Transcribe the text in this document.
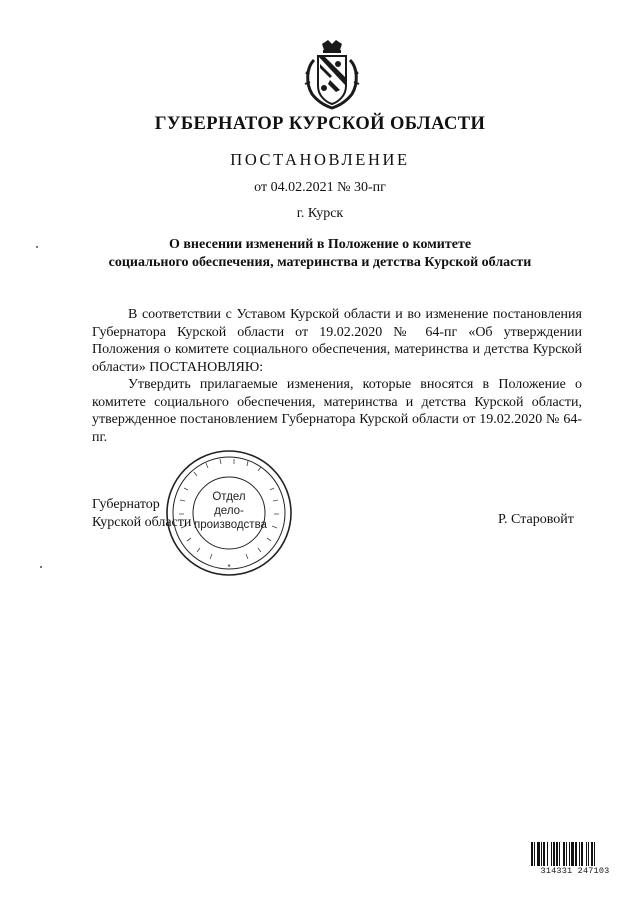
ГУБЕРНАТОР КУРСКОЙ ОБЛАСТИ
ПОСТАНОВЛЕНИЕ
от 04.02.2021 № 30-пг
г. Курск
О внесении изменений в Положение о комитете
социального обеспечения, материнства и детства Курской области

В соответствии с Уставом Курской области и во изменение постановления Губернатора Курской области от 19.02.2020 № 64-пг «Об утверждении Положения о комитете социального обеспечения, материнства и детства Курской области» ПОСТАНОВЛЯЮ:

Утвердить прилагаемые изменения, которые вносятся в Положение о комитете социального обеспечения, материнства и детства Курской области, утвержденное постановлением Губернатора Курской области от 19.02.2020 № 64-пг.

Губернатор
Курской области	Р. Старовойт
*
Отдел
дело-
производства
314331 247103
